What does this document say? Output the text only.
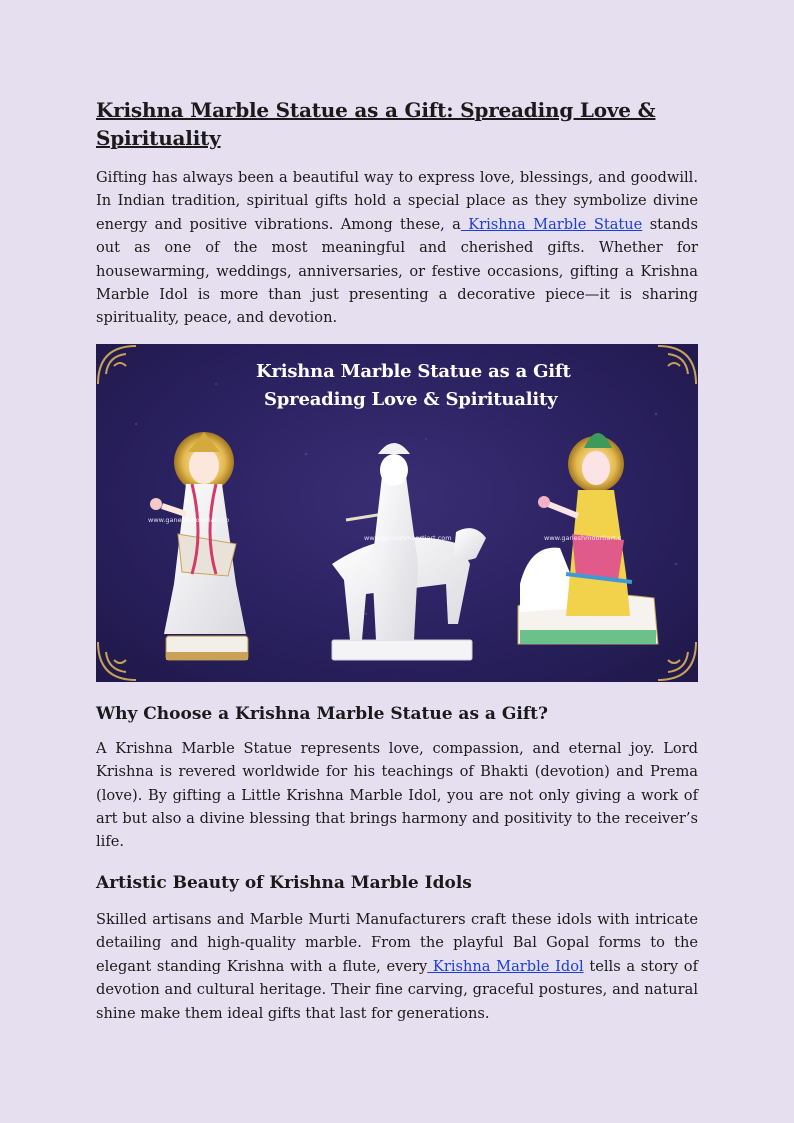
Krishna Marble Statue as a Gift: Spreading Love & Spirituality

Gifting has always been a beautiful way to express love, blessings, and goodwill. In Indian tradition, spiritual gifts hold a special place as they symbolize divine energy and positive vibrations. Among these, a Krishna Marble Statue stands out as one of the most meaningful and cherished gifts. Whether for housewarming, weddings, anniversaries, or festive occasions, gifting a Krishna Marble Idol is more than just presenting a decorative piece—it is sharing spirituality, peace, and devotion.

www.ganeshmoortiart.co
www.ganeshmoortiart.com	www.ganeshmoortiart.c
Krishna Marble Statue as a Gift
Spreading Love & Spirituality
Why Choose a Krishna Marble Statue as a Gift?

A Krishna Marble Statue represents love, compassion, and eternal joy. Lord Krishna is revered worldwide for his teachings of Bhakti (devotion) and Prema (love). By gifting a Little Krishna Marble Idol, you are not only giving a work of art but also a divine blessing that brings harmony and positivity to the receiver’s life.

Artistic Beauty of Krishna Marble Idols

Skilled artisans and Marble Murti Manufacturers craft these idols with intricate detailing and high-quality marble. From the playful Bal Gopal forms to the elegant standing Krishna with a flute, every Krishna Marble Idol tells a story of devotion and cultural heritage. Their fine carving, graceful postures, and natural shine make them ideal gifts that last for generations.
